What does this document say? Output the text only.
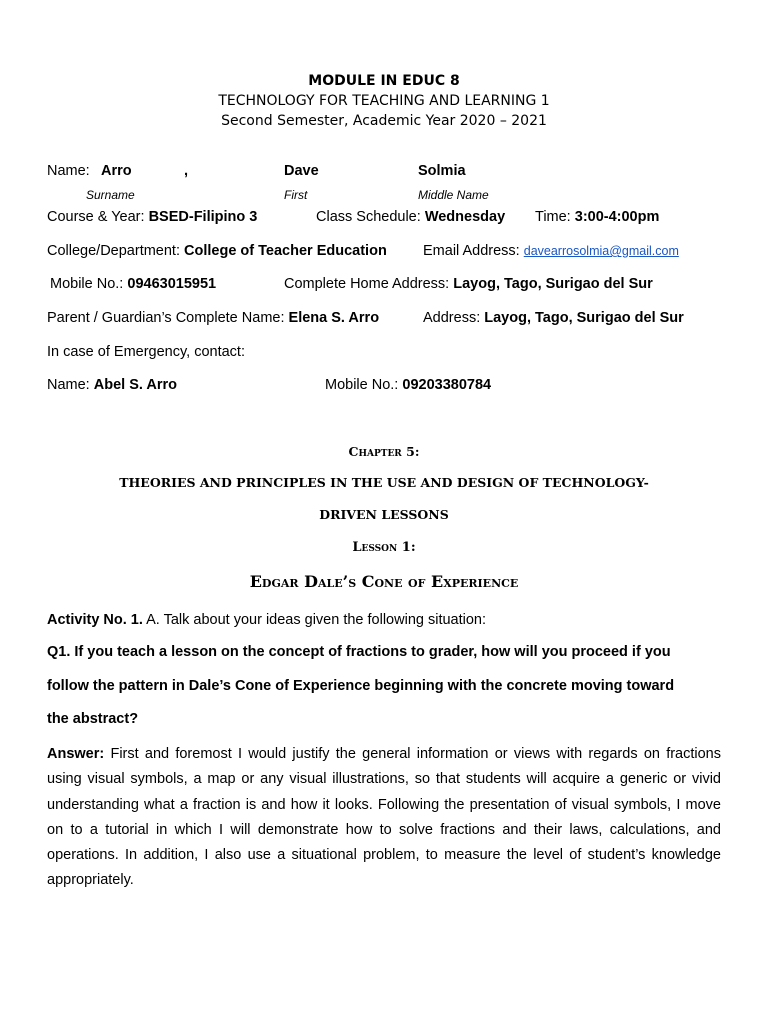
MODULE IN EDUC 8
TECHNOLOGY FOR TEACHING AND LEARNING 1
Second Semester, Academic Year 2020 – 2021
Name: Arro	,	Dave	Solmia
Surname	First	Middle Name
Course & Year: BSED-Filipino 3	Class Schedule: Wednesday Time: 3:00-4:00pm
College/Department: College of Teacher Education Email Address: davearrosolmia@gmail.com
Mobile No.: 09463015951	Complete Home Address: Layog, Tago, Surigao del Sur
Parent / Guardian’s Complete Name: Elena S. Arro	Address: Layog, Tago, Surigao del Sur
In case of Emergency, contact:
Name: Abel S. Arro	Mobile No.: 09203380784
Chapter 5:
THEORIES AND PRINCIPLES IN THE USE AND DESIGN OF TECHNOLOGY-
DRIVEN LESSONS
Lesson 1:
Edgar Dale’s Cone of Experience
Activity No. 1. A. Talk about your ideas given the following situation:
Q1. If you teach a lesson on the concept of fractions to grader, how will you proceed if you
follow the pattern in Dale’s Cone of Experience beginning with the concrete moving toward
the abstract?
Answer: First and foremost I would justify the general information or views with regards on fractions using visual symbols, a map or any visual illustrations, so that students will acquire a generic or vivid understanding what a fraction is and how it looks. Following the presentation of visual symbols, I move on to a tutorial in which I will demonstrate how to solve fractions and their laws, calculations, and operations. In addition, I also use a situational problem, to measure the level of student’s knowledge appropriately.
